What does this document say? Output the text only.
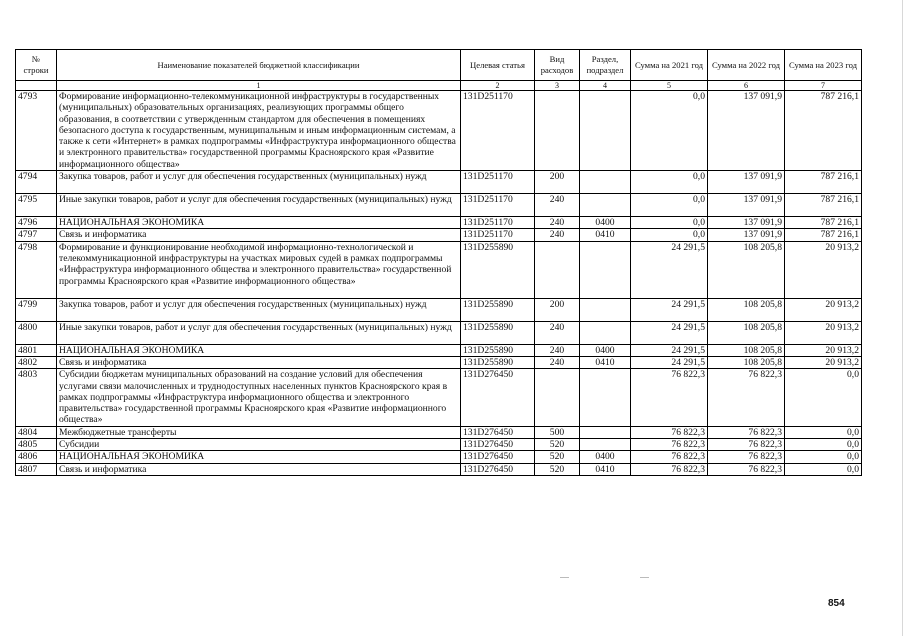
№
строки	Наименование показателей бюджетной классификации	Целевая статья	Вид расходов	Раздел, подраздел	Сумма на 2021 год	Сумма на 2022 год	Сумма на 2023 год
	1	2	3	4	5	6	7
4793	Формирование информационно-телекоммуникационной инфраструктуры в государственных (муниципальных) образовательных организациях, реализующих программы общего образования, в соответствии с утвержденным стандартом для обеспечения в помещениях безопасного доступа к государственным, муниципальным и иным информационным системам, а также к сети «Интернет» в рамках подпрограммы «Инфраструктура информационного общества и электронного правительства» государственной программы Красноярского края «Развитие информационного общества»	131D251170			0,0	137 091,9	787 216,1
4794	Закупка товаров, работ и услуг для обеспечения государственных (муниципальных) нужд	131D251170	200		0,0	137 091,9	787 216,1
4795	Иные закупки товаров, работ и услуг для обеспечения государственных (муниципальных) нужд	131D251170	240		0,0	137 091,9	787 216,1
4796	НАЦИОНАЛЬНАЯ ЭКОНОМИКА	131D251170	240	0400	0,0	137 091,9	787 216,1
4797	Связь и информатика	131D251170	240	0410	0,0	137 091,9	787 216,1
4798	Формирование и функционирование необходимой информационно-технологической и телекоммуникационной инфраструктуры на участках мировых судей в рамках подпрограммы «Инфраструктура информационного общества и электронного правительства» государственной программы Красноярского края «Развитие информационного общества»	131D255890			24 291,5	108 205,8	20 913,2
4799	Закупка товаров, работ и услуг для обеспечения государственных (муниципальных) нужд	131D255890	200		24 291,5	108 205,8	20 913,2
4800	Иные закупки товаров, работ и услуг для обеспечения государственных (муниципальных) нужд	131D255890	240		24 291,5	108 205,8	20 913,2
4801	НАЦИОНАЛЬНАЯ ЭКОНОМИКА	131D255890	240	0400	24 291,5	108 205,8	20 913,2
4802	Связь и информатика	131D255890	240	0410	24 291,5	108 205,8	20 913,2
4803	Субсидии бюджетам муниципальных образований на создание условий для обеспечения услугами связи малочисленных и труднодоступных населенных пунктов Красноярского края в рамках подпрограммы «Инфраструктура информационного общества и электронного правительства» государственной программы Красноярского края «Развитие информационного общества»	131D276450			76 822,3	76 822,3	0,0
4804	Межбюджетные трансферты	131D276450	500		76 822,3	76 822,3	0,0
4805	Субсидии	131D276450	520		76 822,3	76 822,3	0,0
4806	НАЦИОНАЛЬНАЯ ЭКОНОМИКА	131D276450	520	0400	76 822,3	76 822,3	0,0
4807	Связь и информатика	131D276450	520	0410	76 822,3	76 822,3	0,0
854
